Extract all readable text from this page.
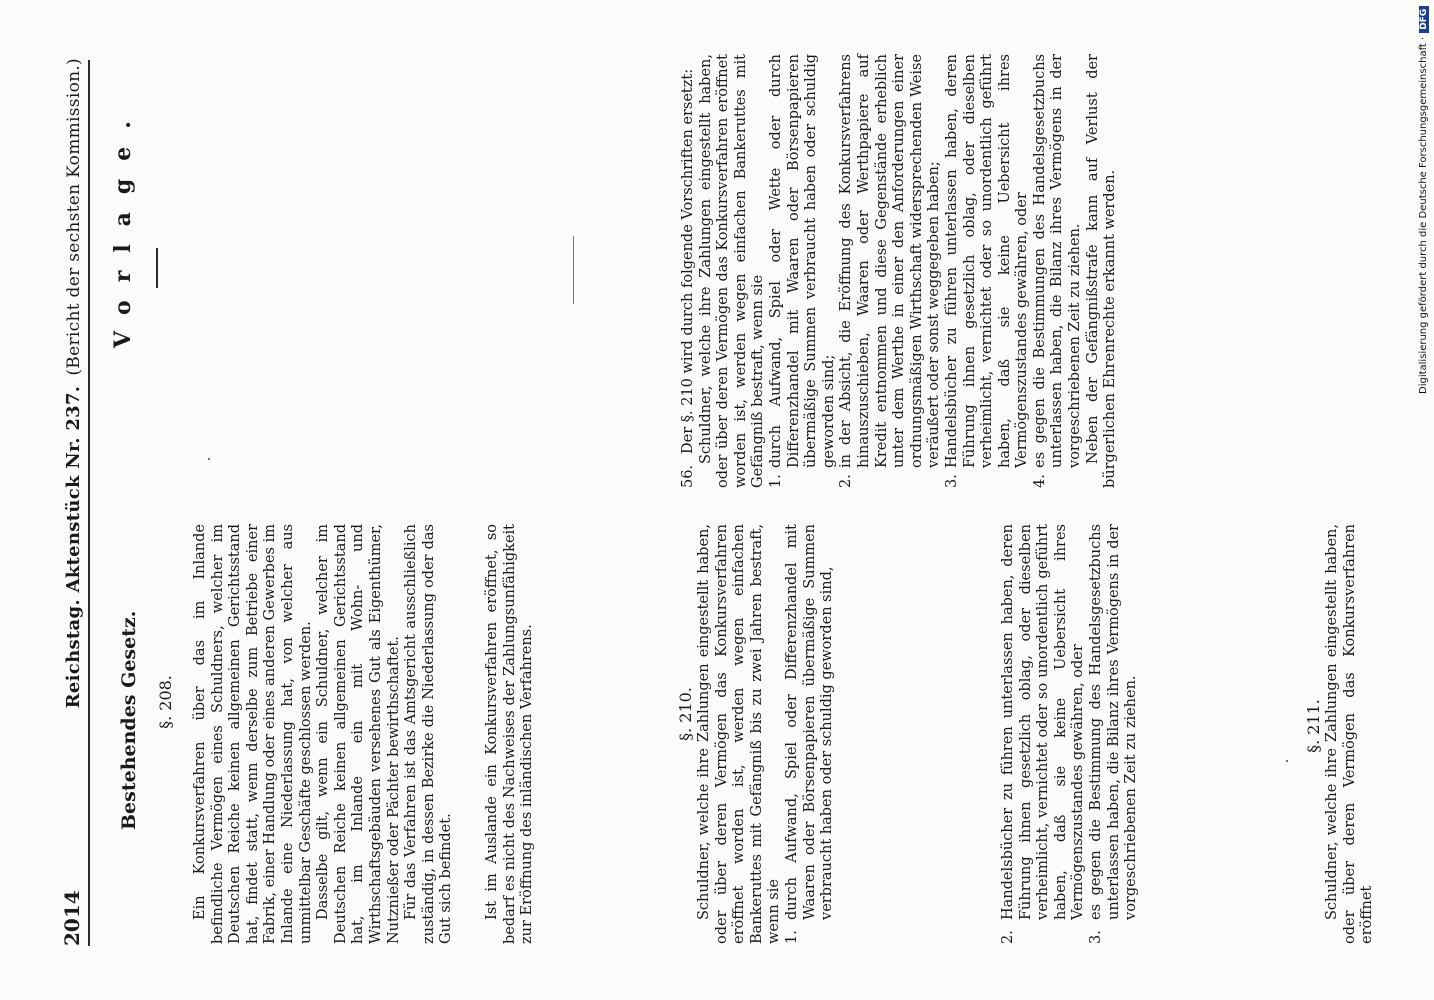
2014
Reichstag. Aktenstück Nr. 237.(Bericht der sechsten Kommission.)
Bestehendes Gesetz.
Vorlage.
§. 208. Ein Konkursverfahren über das im Inlande befindliche Vermögen eines Schuldners, welcher im Deutschen Reiche keinen allgemeinen Gerichtsstand hat, findet statt, wenn derselbe zum Betriebe einer Fabrik, einer Handlung oder eines anderen Gewerbes im Inlande eine Niederlassung hat, von welcher aus unmittelbar Geschäfte geschlossen werden. Dasselbe gilt, wenn ein Schuldner, welcher im Deutschen Reiche keinen allgemeinen Gerichtsstand hat, im Inlande ein mit Wohn- und Wirthschaftsgebäuden versehenes Gut als Eigenthümer, Nutznießer oder Pächter bewirthschaftet. Für das Verfahren ist das Amtsgericht ausschließlich zuständig, in dessen Bezirke die Niederlassung oder das Gut sich befindet. Ist im Auslande ein Konkursverfahren eröffnet, so bedarf es nicht des Nachweises der Zahlungsunfähigkeit zur Eröffnung des inländischen Verfahrens.	§. 210. Schuldner, welche ihre Zahlungen eingestellt haben, oder über deren Vermögen das Konkursverfahren eröffnet worden ist, werden wegen einfachen Bankeruttes mit Gefängniß bis zu zwei Jahren bestraft, wenn sie 1.
durch Aufwand, Spiel oder Differenzhandel mit Waaren oder Börsenpapieren übermäßige Summen verbraucht haben oder schuldig geworden sind,
2.
Handelsbücher zu führen unterlassen haben, deren Führung ihnen gesetzlich oblag, oder dieselben verheimlicht, vernichtet oder so unordentlich geführt haben, daß sie keine Uebersicht ihres Vermögenszustandes gewähren, oder
3.
es gegen die Bestimmung des Handelsgesetzbuchs unterlassen haben, die Bilanz ihres Vermögens in der vorgeschriebenen Zeit zu ziehen.	§. 211. Schuldner, welche ihre Zahlungen eingestellt haben, oder über deren Vermögen das Konkursverfahren eröffnet

56.
Der §. 210 wird durch folgende Vorschriften ersetzt: Schuldner, welche ihre Zahlungen eingestellt haben, oder über deren Vermögen das Konkursverfahren eröffnet worden ist, werden wegen einfachen Bankeruttes mit Gefängniß bestraft, wenn sie 1.
durch Aufwand, Spiel oder Wette oder durch Differenzhandel mit Waaren oder Börsenpapieren übermäßige Summen verbraucht haben oder schuldig geworden sind;
2.
in der Absicht, die Eröffnung des Konkursverfahrens hinauszuschieben, Waaren oder Werthpapiere auf Kredit entnommen und diese Gegenstände erheblich unter dem Werthe in einer den Anforderungen einer ordnungsmäßigen Wirthschaft widersprechenden Weise veräußert oder sonst weggegeben haben;
3.
Handelsbücher zu führen unterlassen haben, deren Führung ihnen gesetzlich oblag, oder dieselben verheimlicht, vernichtet oder so unordentlich geführt haben, daß sie keine Uebersicht ihres Vermögenszustandes gewähren, oder
4.
es gegen die Bestimmungen des Handelsgesetzbuchs unterlassen haben, die Bilanz ihres Vermögens in der vorgeschriebenen Zeit zu ziehen. Neben der Gefängnißstrafe kann auf Verlust der bürgerlichen Ehrenrechte erkannt werden.	Digitalisierung gefördert durch die Deutsche Forschungsgemeinschaft ·DFG
